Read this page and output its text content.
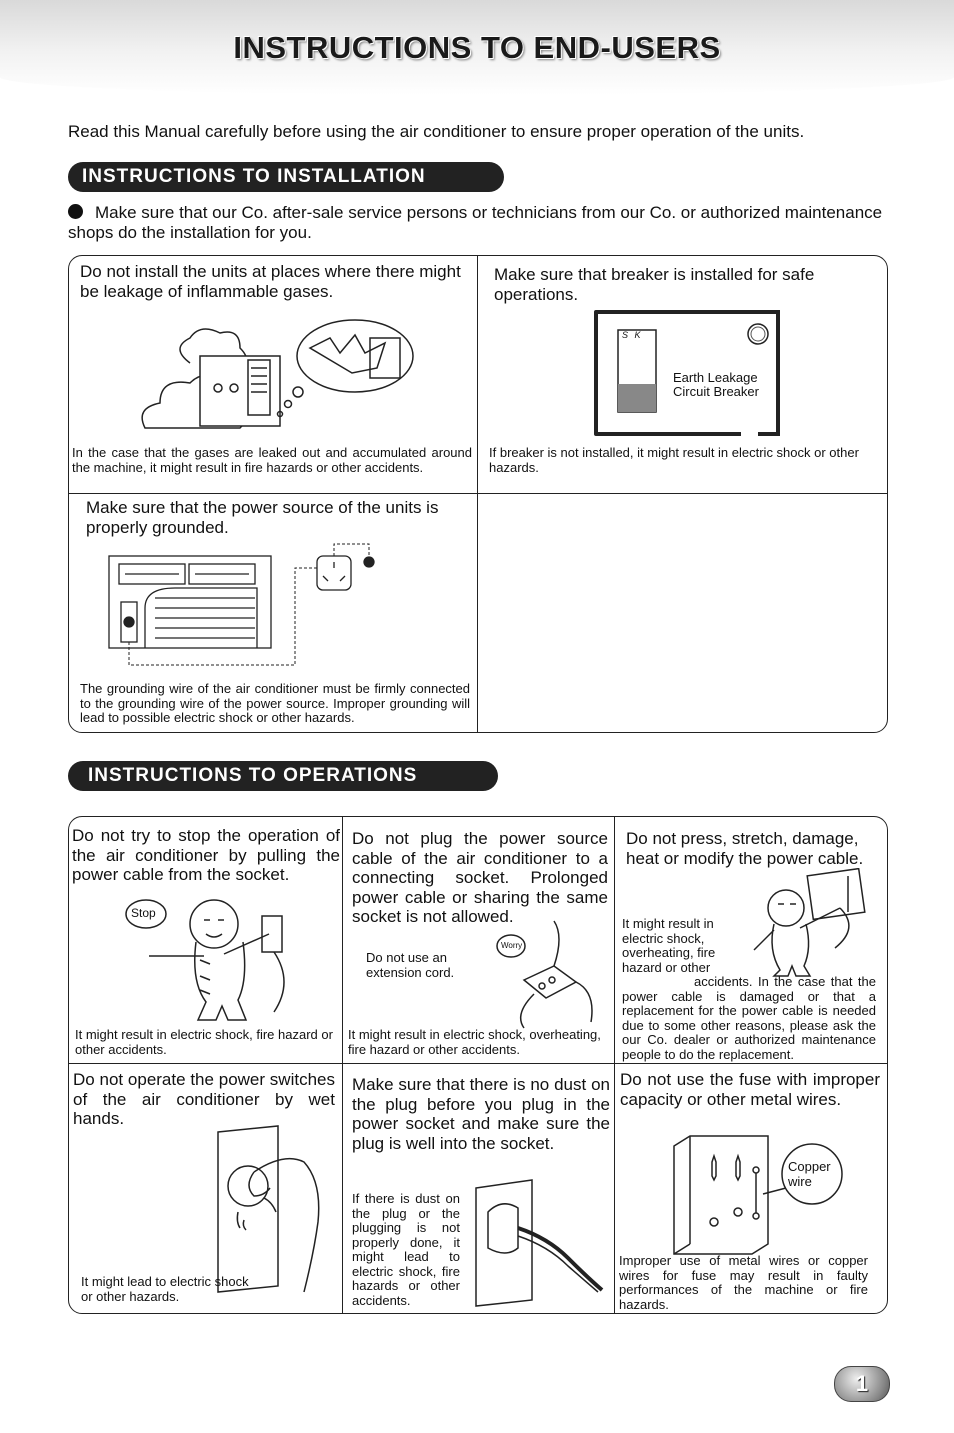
INSTRUCTIONS TO END-USERS
Read this Manual carefully before using the air conditioner to ensure proper operation of the units.
INSTRUCTIONS TO INSTALLATION
Make sure that our Co. after-sale service persons or technicians from our Co. or authorized maintenance shops do the installation for you.
Do not install the units at places where there might be leakage of inflammable gases.
In the case that the gases are leaked out and accumulated around the machine, it might result in fire hazards or other accidents.
Make sure that breaker is installed for safe operations.
S K
Earth Leakage Circuit Breaker
If breaker is not installed, it might result in electric shock or other hazards.
Make sure that the power source of the units is properly grounded.
The grounding wire of the air conditioner must be firmly connected to the grounding wire of the power source. Improper grounding will lead to possible electric shock or other hazards.
INSTRUCTIONS TO OPERATIONS
Do not try to stop the operation of the air conditioner by pulling the power cable from the socket.
Stop
It might result in electric shock, fire hazard or other accidents.
Do not plug the power source cable of the air conditioner to a connecting socket. Prolonged power cable or sharing the same socket is not allowed.
Do not use an extension cord.
Worry
It might result in electric shock, overheating, fire hazard or other accidents.
Do not press, stretch, damage, heat or modify the power cable.
It might result in electric shock, overheating, fire hazard or other
accidents. In the case that the power cable is damaged or that a replacement for the power cable is needed due to some other reasons, please ask the our Co. dealer or authorized maintenance people to do the replacement.
Do not operate the power switches of the air conditioner by wet hands.
It might lead to electric shock or other hazards.
Make sure that there is no dust on the plug before you plug in the power socket and make sure the plug is well into the socket.
If there is dust on the plug or the plugging is not properly done, it might lead to electric shock, fire hazards or other accidents.
Do not use the fuse with improper capacity or other metal wires.
Copper wire
Improper use of metal wires or copper wires for fuse may result in faulty performances of the machine or fire hazards.
1
